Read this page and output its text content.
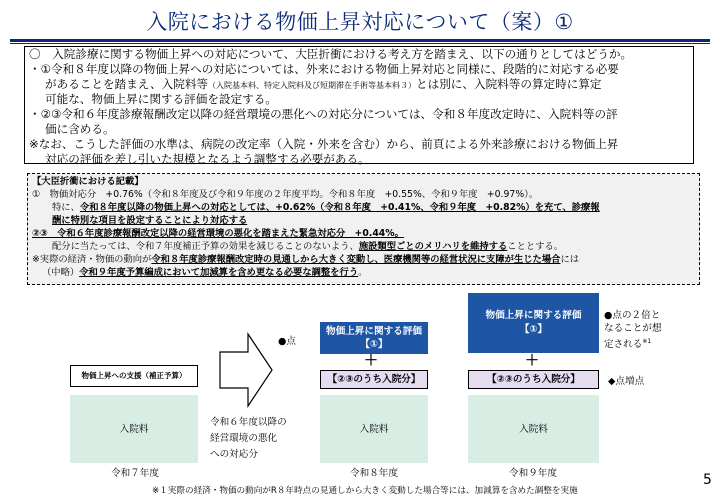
入院における物価上昇対応について（案）①
〇　入院診療に関する物価上昇への対応について、大臣折衝における考え方を踏まえ、以下の通りとしてはどうか。
・①令和８年度以降の物価上昇への対応については、外来における物価上昇対応と同様に、段階的に対応する必要
があることを踏まえ、入院料等（入院基本料、特定入院料及び短期滞在手術等基本料３）とは別に、入院料等の算定時に算定
可能な、物価上昇に関する評価を設定する。
・②③令和６年度診療報酬改定以降の経営環境の悪化への対応分については、令和８年度改定時に、入院料等の評
価に含める。
※なお、こうした評価の水準は、病院の改定率（入院・外来を含む）から、前頁による外来診療における物価上昇
対応の評価を差し引いた規模となるよう調整する必要がある。
【大臣折衝における記載】
①　物価対応分　+0.76%（令和８年度及び令和９年度の２年度平均。令和８年度　+0.55%、令和９年度　+0.97%）。
特に、令和８年度以降の物価上昇への対応としては、+0.62%（令和８年度　+0.41%、令和９年度　+0.82%）を充て、診療報
酬に特別な項目を設定することにより対応する
②③　令和６年度診療報酬改定以降の経営環境の悪化を踏まえた緊急対応分　+0.44%。
配分に当たっては、令和７年度補正予算の効果を減じることのないよう、施設類型ごとのメリハリを維持することとする。
※実際の経済・物価の動向が令和８年度診療報酬改定時の見通しから大きく変動し、医療機関等の経営状況に支障が生じた場合には
（中略）令和９年度予算編成において加減算を含め更なる必要な調整を行う。
物価上昇への支援（補正予算）
入院料
令和７年度
令和６年度以降の
経営環境の悪化
への対応分
●点
物価上昇に関する評価
【①】
＋
【②③のうち入院分】
入院料
令和８年度
物価上昇に関する評価
【①】
＋
【②③のうち入院分】
入院料
令和９年度
●点の２倍と
なることが想
定される$^{※1}$
◆点増点
※１実際の経済・物価の動向がR８年時点の見通しから大きく変動した場合等には、加減算を含めた調整を実施
5
